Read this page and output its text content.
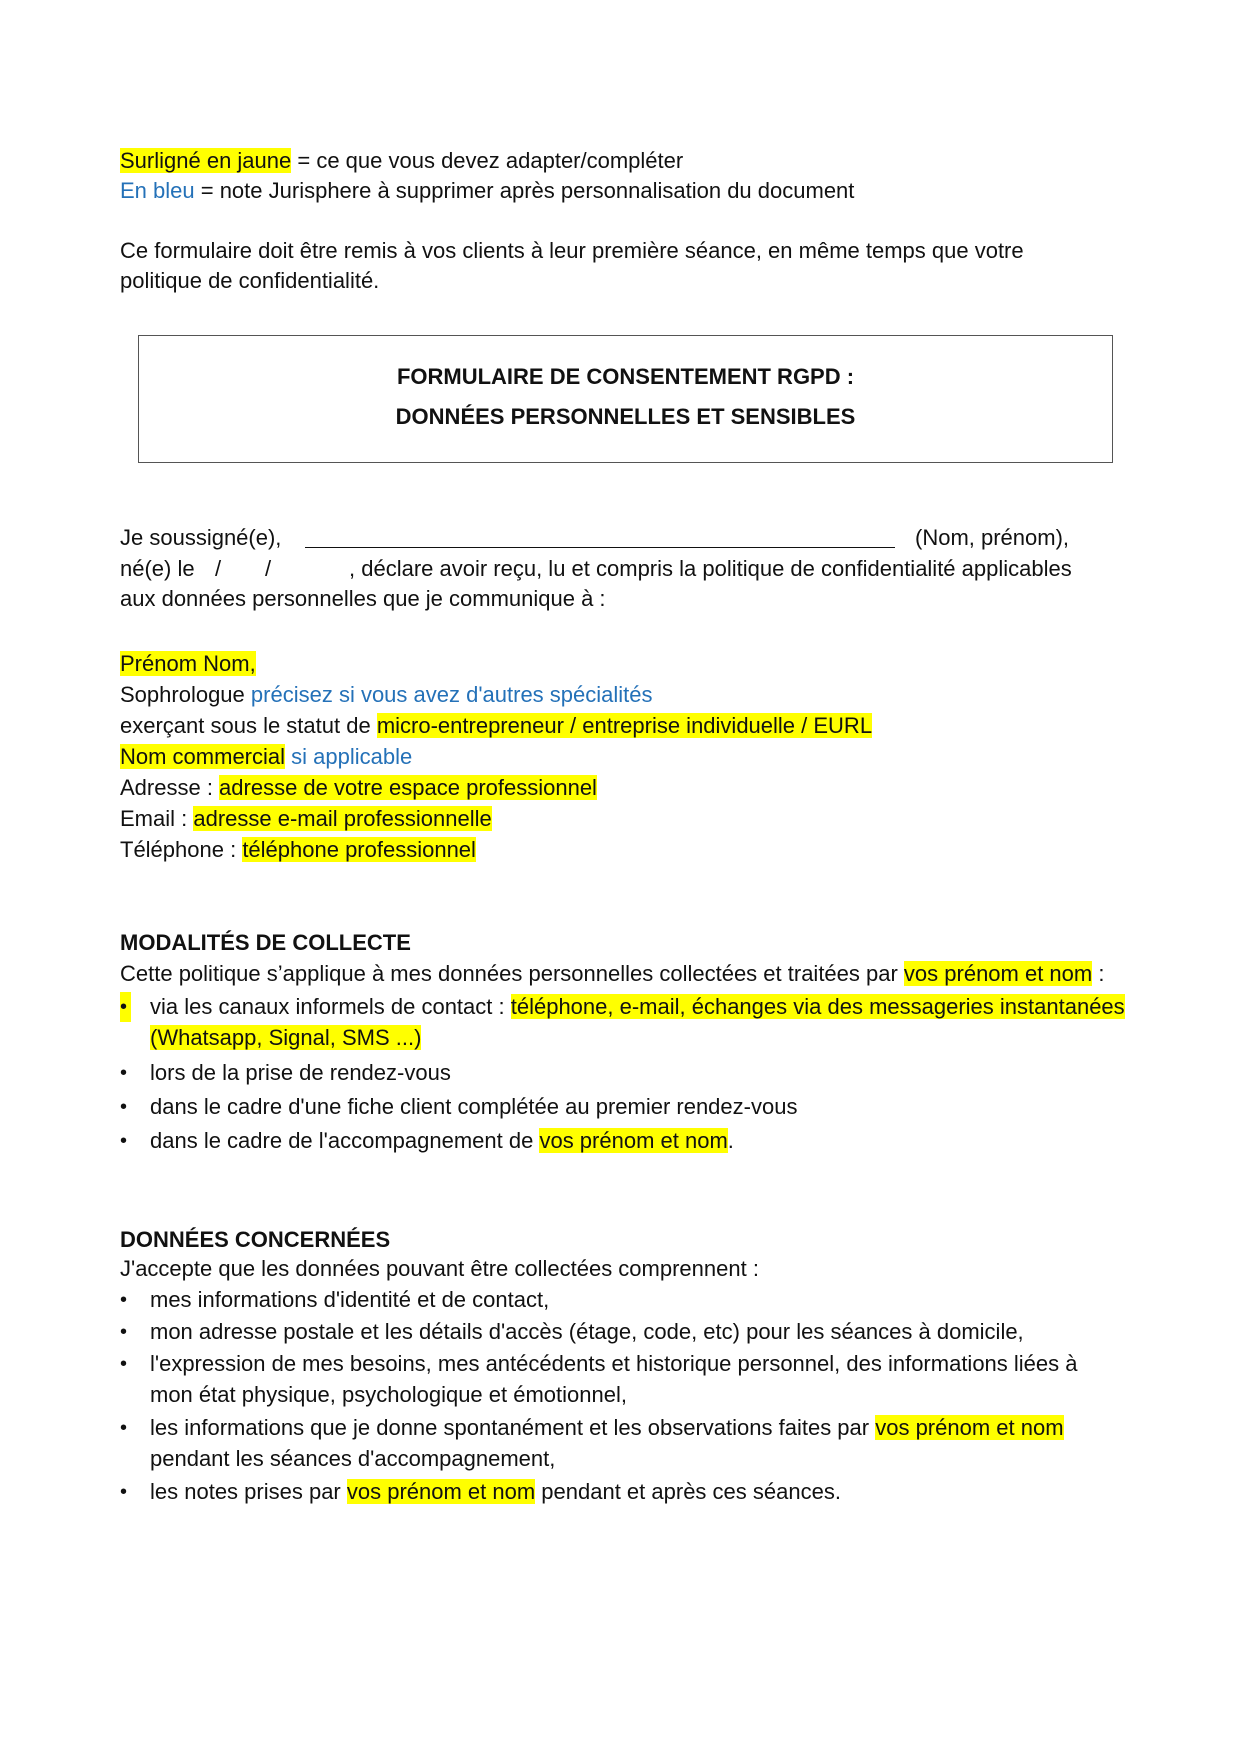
Surligné en jaune = ce que vous devez adapter/compléter
En bleu = note Jurisphere à supprimer après personnalisation du document
Ce formulaire doit être remis à vos clients à leur première séance, en même temps que votre
politique de confidentialité.
FORMULAIRE DE CONSENTEMENT RGPD :
DONNÉES PERSONNELLES ET SENSIBLES
Je soussigné(e),	(Nom, prénom),
né(e) le / /	, déclare avoir reçu, lu et compris la politique de confidentialité applicables
aux données personnelles que je communique à :
Prénom Nom,
Sophrologue précisez si vous avez d'autres spécialités
exerçant sous le statut de micro-entrepreneur / entreprise individuelle / EURL
Nom commercial si applicable
Adresse : adresse de votre espace professionnel
Email : adresse e-mail professionnelle
Téléphone : téléphone professionnel
MODALITÉS DE COLLECTE
Cette politique s’applique à mes données personnelles collectées et traitées par vos prénom et nom :
• via les canaux informels de contact : téléphone, e-mail, échanges via des messageries instantanées
(Whatsapp, Signal, SMS ...)
• lors de la prise de rendez-vous
• dans le cadre d'une fiche client complétée au premier rendez-vous
• dans le cadre de l'accompagnement de vos prénom et nom.
DONNÉES CONCERNÉES
J'accepte que les données pouvant être collectées comprennent :
• mes informations d'identité et de contact,
• mon adresse postale et les détails d'accès (étage, code, etc) pour les séances à domicile,
• l'expression de mes besoins, mes antécédents et historique personnel, des informations liées à
mon état physique, psychologique et émotionnel,
• les informations que je donne spontanément et les observations faites par vos prénom et nom
pendant les séances d'accompagnement,
• les notes prises par vos prénom et nom pendant et après ces séances.
